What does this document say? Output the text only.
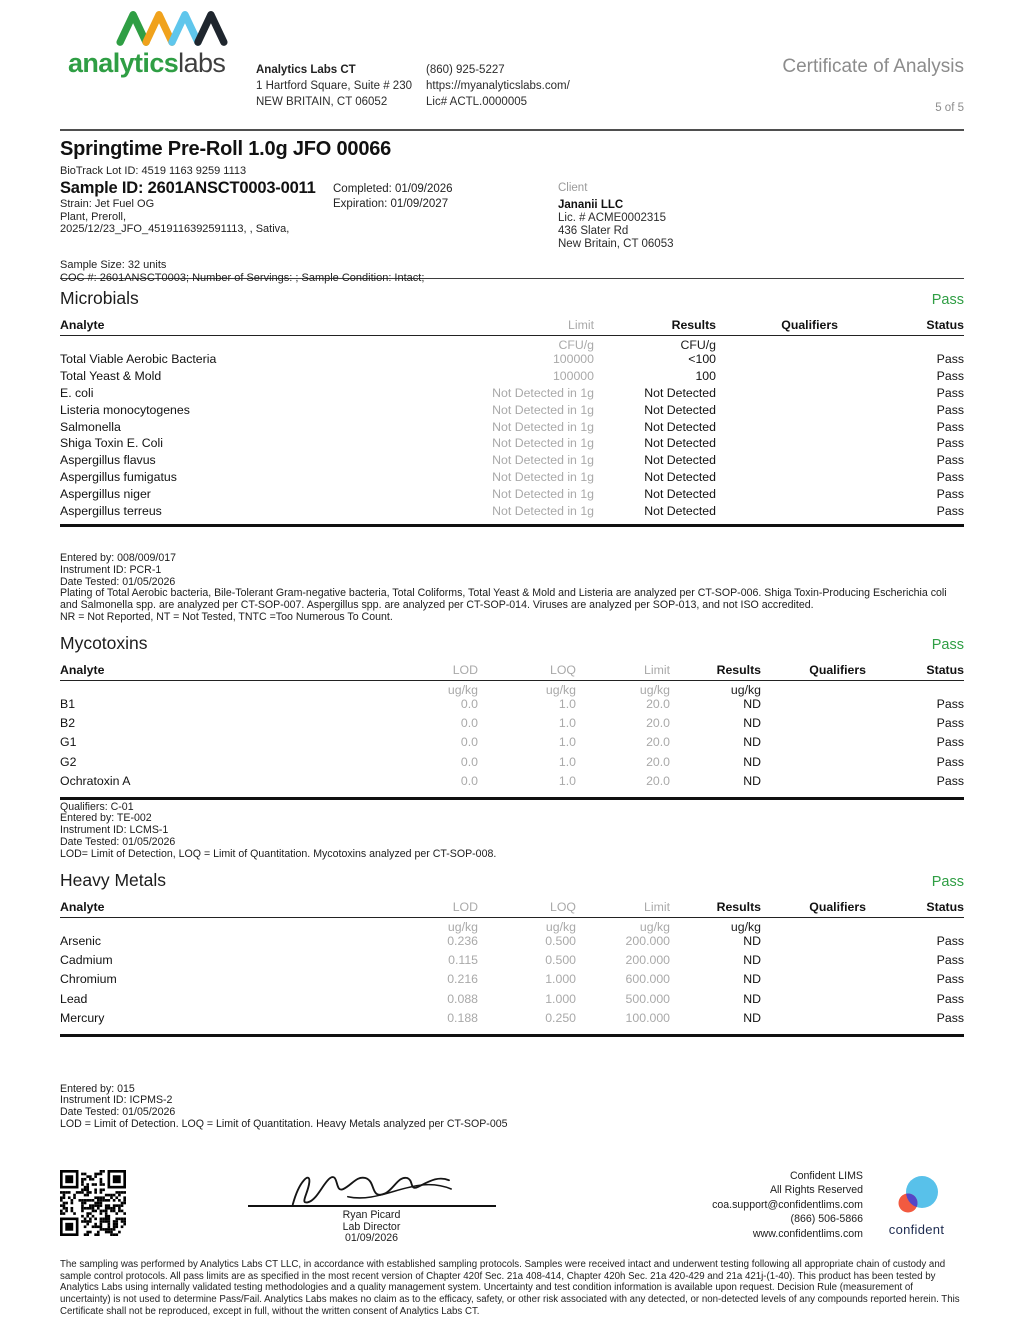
analyticslabs	Analytics Labs CT
1 Hartford Square, Suite # 230
NEW BRITAIN, CT 06052
(860) 925-5227
https://myanalyticslabs.com/
Lic# ACTL.0000005
Certificate of Analysis
5 of 5
Springtime Pre-Roll 1.0g JFO 00066
BioTrack Lot ID: 4519 1163 9259 1113
Sample ID: 2601ANSCT0003-0011
Strain: Jet Fuel OG
Plant, Preroll,
2025/12/23_JFO_4519116392591113, , Sativa,
Completed: 01/09/2026
Expiration: 01/09/2027
Client
Jananii LLC
Lic. # ACME0002315
436 Slater Rd
New Britain, CT 06053
Sample Size: 32 units
COC #: 2601ANSCT0003; Number of Servings: ; Sample Condition: Intact;
Microbials	Pass
Analyte	Limit	Results	Qualifiers	Status
CFU/g	CFU/g
Total Viable Aerobic Bacteria	100000	<100	Pass
Total Yeast & Mold	100000	100	Pass
E. coli	Not Detected in 1g	Not Detected	Pass
Listeria monocytogenes	Not Detected in 1g	Not Detected	Pass
Salmonella	Not Detected in 1g	Not Detected	Pass
Shiga Toxin E. Coli	Not Detected in 1g	Not Detected	Pass
Aspergillus flavus	Not Detected in 1g	Not Detected	Pass
Aspergillus fumigatus	Not Detected in 1g	Not Detected	Pass
Aspergillus niger	Not Detected in 1g	Not Detected	Pass
Aspergillus terreus	Not Detected in 1g	Not Detected	Pass
Entered by: 008/009/017
Instrument ID: PCR-1
Date Tested: 01/05/2026
Plating of Total Aerobic bacteria, Bile-Tolerant Gram-negative bacteria, Total Coliforms, Total Yeast & Mold and Listeria are analyzed per CT-SOP-006. Shiga Toxin-Producing Escherichia coli and Salmonella spp. are analyzed per CT-SOP-007. Aspergillus spp. are analyzed per CT-SOP-014. Viruses are analyzed per SOP-013, and not ISO accredited.
NR = Not Reported, NT = Not Tested, TNTC =Too Numerous To Count.
Mycotoxins	Pass
Analyte	LOD	LOQ	Limit	Results	Qualifiers	Status
ug/kg	ug/kg	ug/kg	ug/kg
B1	0.0	1.0	20.0	ND	Pass
B2	0.0	1.0	20.0	ND	Pass
G1	0.0	1.0	20.0	ND	Pass
G2	0.0	1.0	20.0	ND	Pass
Ochratoxin A	0.0	1.0	20.0	ND	Pass
Qualifiers: C-01
Entered by: TE-002
Instrument ID: LCMS-1
Date Tested: 01/05/2026
LOD= Limit of Detection, LOQ = Limit of Quantitation. Mycotoxins analyzed per CT-SOP-008.
Heavy Metals	Pass
Analyte	LOD	LOQ	Limit	Results	Qualifiers	Status
ug/kg	ug/kg	ug/kg	ug/kg
Arsenic	0.236	0.500	200.000	ND	Pass
Cadmium	0.115	0.500	200.000	ND	Pass
Chromium	0.216	1.000	600.000	ND	Pass
Lead	0.088	1.000	500.000	ND	Pass
Mercury	0.188	0.250	100.000	ND	Pass
Entered by: 015
Instrument ID: ICPMS-2
Date Tested: 01/05/2026
LOD = Limit of Detection. LOQ = Limit of Quantitation. Heavy Metals analyzed per CT-SOP-005
Ryan Picard
Lab Director
01/09/2026
Confident LIMS
All Rights Reserved
coa.support@confidentlims.com
(866) 506-5866
www.confidentlims.com confident
The sampling was performed by Analytics Labs CT LLC, in accordance with established sampling protocols. Samples were received intact and underwent testing following all appropriate chain of custody and sample control protocols. All pass limits are as specified in the most recent version of Chapter 420f Sec. 21a 408-414, Chapter 420h Sec. 21a 420-429 and 21a 421j-(1-40). This product has been tested by Analytics Labs using internally validated testing methodologies and a quality management system. Uncertainty and test condition information is available upon request. Decision Rule (measurement of uncertainty) is not used to determine Pass/Fail. Analytics Labs makes no claim as to the efficacy, safety, or other risk associated with any detected, or non-detected levels of any compounds reported herein. This Certificate shall not be reproduced, except in full, without the written consent of Analytics Labs CT.
